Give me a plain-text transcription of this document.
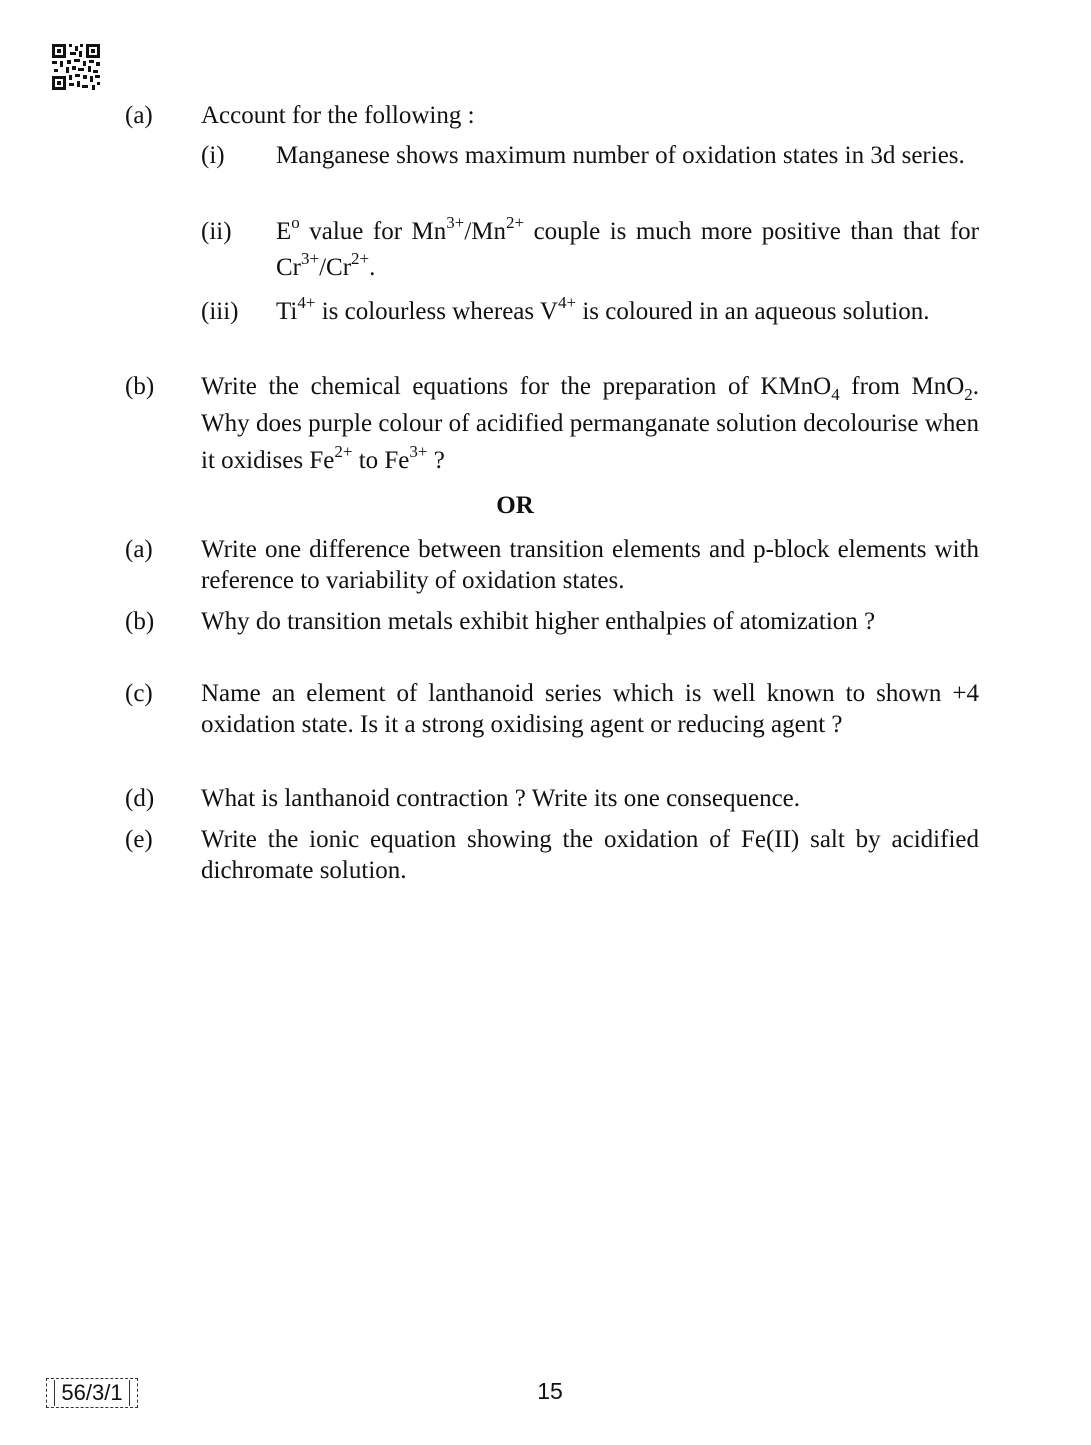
(a) Account for the following :
(i) Manganese shows maximum number of oxidation states in 3d series.
(ii) $E^o$ value for $Mn^{3+}/Mn^{2+}$ couple is much more positive than that for $Cr^{3+}/Cr^{2+}$.
(iii) $Ti^{4+}$ is colourless whereas $V^{4+}$ is coloured in an aqueous solution.
(b) Write the chemical equations for the preparation of KMnO$_4$ from MnO$_2$. Why does purple colour of acidified permanganate solution decolourise when it oxidises $Fe^{2+}$ to $Fe^{3+}$ ?
OR
(a) Write one difference between transition elements and p-block elements with reference to variability of oxidation states.
(b) Why do transition metals exhibit higher enthalpies of atomization ?
(c) Name an element of lanthanoid series which is well known to shown +4 oxidation state. Is it a strong oxidising agent or reducing agent ?
(d) What is lanthanoid contraction ? Write its one consequence.
(e) Write the ionic equation showing the oxidation of Fe(II) salt by acidified dichromate solution.
56/3/1	15
